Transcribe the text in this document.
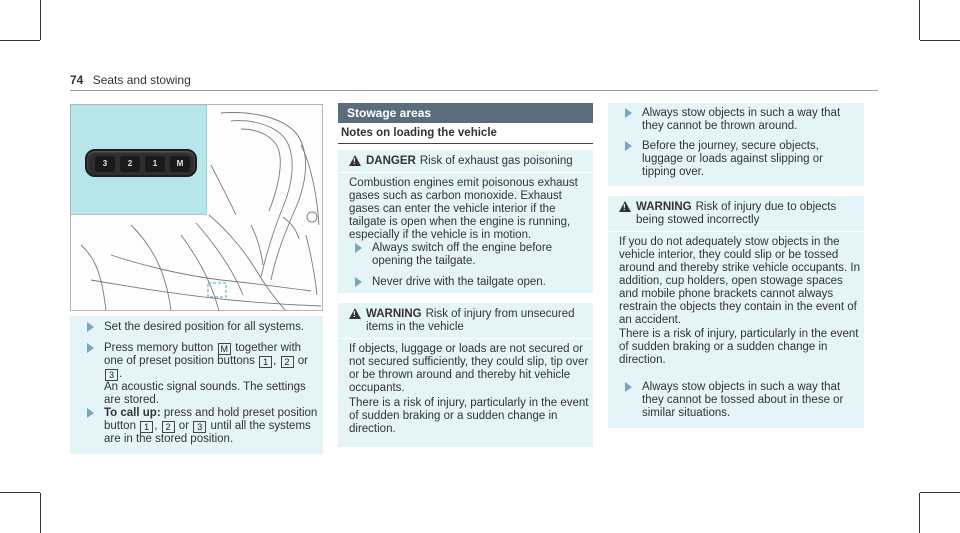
74 Seats and stowing
3	2	1	M
Set the desired position for all systems.
Press memory button M together with one of preset position buttons 1 , 2 or 3 .
An acoustic signal sounds. The settings are stored.
To call up: press and hold preset position button 1 , 2 or 3 until all the systems are in the stored position.
Stowage areas
Notes on loading the vehicle
!
DANGER Risk of exhaust gas poisoning
Combustion engines emit poisonous exhaust gases such as carbon monoxide. Exhaust gases can enter the vehicle interior if the tailgate is open when the engine is running, especially if the vehicle is in motion.
Always switch off the engine before opening the tailgate.
Never drive with the tailgate open.
!
WARNING Risk of injury from unsecured items in the vehicle
If objects, luggage or loads are not secured or not secured sufficiently, they could slip, tip over or be thrown around and thereby hit vehicle occupants.
There is a risk of injury, particularly in the event of sudden braking or a sudden change in direction.
Always stow objects in such a way that they cannot be thrown around.
Before the journey, secure objects, luggage or loads against slipping or tipping over.
!
WARNING Risk of injury due to objects being stowed incorrectly
If you do not adequately stow objects in the vehicle interior, they could slip or be tossed around and thereby strike vehicle occupants. In addition, cup holders, open stowage spaces and mobile phone brackets cannot always restrain the objects they contain in the event of an accident.
There is a risk of injury, particularly in the event of sudden braking or a sudden change in direction.
Always stow objects in such a way that they cannot be tossed about in these or similar situations.
